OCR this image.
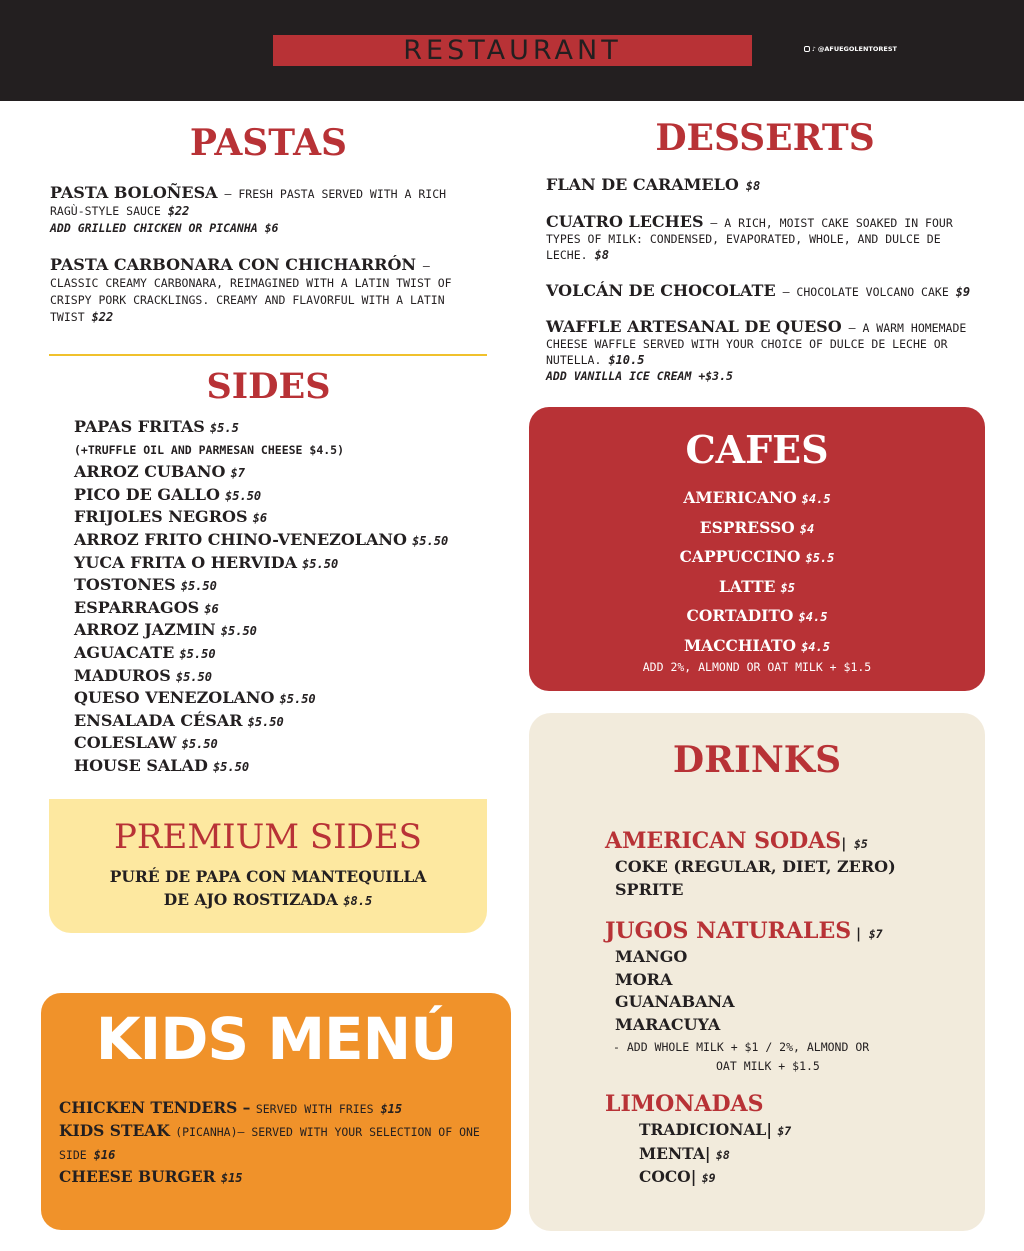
RESTAURANT	♪ @AFUEGOLENTOREST
PASTAS
PASTA BOLOÑESA – FRESH PASTA SERVED WITH A RICH RAGÙ-STYLE SAUCE $22
ADD GRILLED CHICKEN OR PICANHA $6
PASTA CARBONARA CON CHICHARRÓN – CLASSIC CREAMY CARBONARA, REIMAGINED WITH A LATIN TWIST OF CRISPY PORK CRACKLINGS. CREAMY AND FLAVORFUL WITH A LATIN TWIST $22
SIDES
PAPAS FRITAS $5.5
(+TRUFFLE OIL AND PARMESAN CHEESE $4.5)
ARROZ CUBANO $7
PICO DE GALLO $5.50
FRIJOLES NEGROS $6
ARROZ FRITO CHINO-VENEZOLANO $5.50
YUCA FRITA O HERVIDA $5.50
TOSTONES $5.50
ESPARRAGOS $6
ARROZ JAZMIN $5.50
AGUACATE $5.50
MADUROS $5.50
QUESO VENEZOLANO $5.50
ENSALADA CÉSAR $5.50
COLESLAW $5.50
HOUSE SALAD $5.50
PREMIUM SIDES
PURÉ DE PAPA CON MANTEQUILLA
DE AJO ROSTIZADA $8.5
KIDS MENÚ
CHICKEN TENDERS – SERVED WITH FRIES $15
KIDS STEAK (PICANHA)– SERVED WITH YOUR SELECTION OF ONE SIDE $16
CHEESE BURGER $15
DESSERTS
FLAN DE CARAMELO $8
CUATRO LECHES – A RICH, MOIST CAKE SOAKED IN FOUR TYPES OF MILK: CONDENSED, EVAPORATED, WHOLE, AND DULCE DE LECHE. $8
VOLCÁN DE CHOCOLATE – CHOCOLATE VOLCANO CAKE $9
WAFFLE ARTESANAL DE QUESO – A WARM HOMEMADE CHEESE WAFFLE SERVED WITH YOUR CHOICE OF DULCE DE LECHE OR NUTELLA. $10.5
ADD VANILLA ICE CREAM +$3.5
CAFES
AMERICANO $4.5
ESPRESSO $4
CAPPUCCINO $5.5
LATTE $5
CORTADITO $4.5
MACCHIATO $4.5
ADD 2%, ALMOND OR OAT MILK + $1.5
DRINKS
AMERICAN SODAS| $5
COKE (REGULAR, DIET, ZERO)
SPRITE
JUGOS NATURALES | $7
MANGO
MORA
GUANABANA
MARACUYA
- ADD WHOLE MILK + $1 / 2%, ALMOND OR
OAT MILK + $1.5
LIMONADAS
TRADICIONAL| $7
MENTA| $8
COCO| $9
